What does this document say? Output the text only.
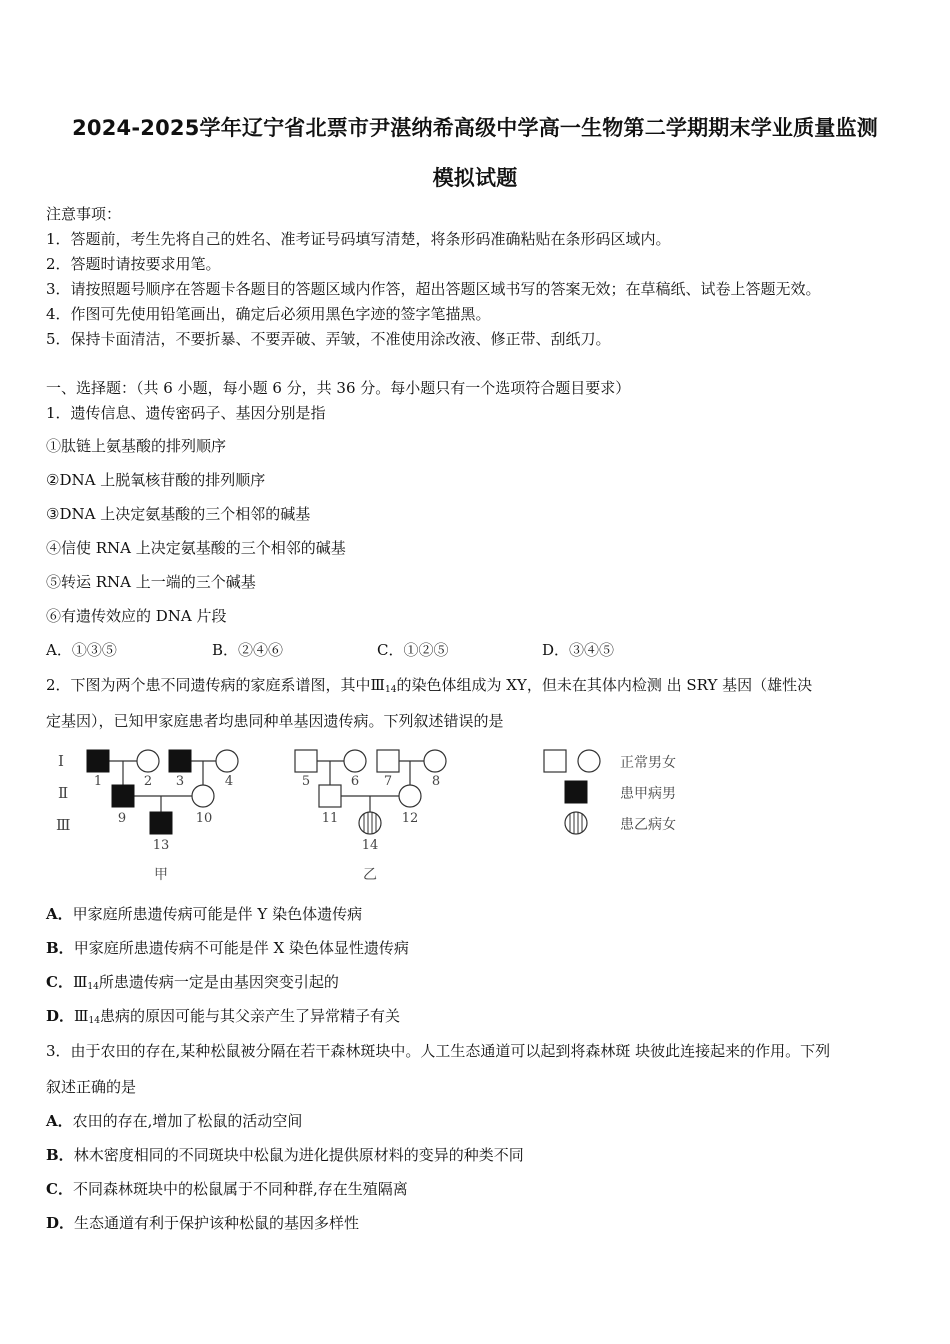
2024-2025学年辽宁省北票市尹湛纳希高级中学高一生物第二学期期末学业质量监测
模拟试题
注意事项：
1．答题前，考生先将自己的姓名、准考证号码填写清楚，将条形码准确粘贴在条形码区域内。
2．答题时请按要求用笔。
3．请按照题号顺序在答题卡各题目的答题区域内作答，超出答题区域书写的答案无效；在草稿纸、试卷上答题无效。
4．作图可先使用铅笔画出，确定后必须用黑色字迹的签字笔描黑。
5．保持卡面清洁，不要折暴、不要弄破、弄皱，不准使用涂改液、修正带、刮纸刀。
一、选择题：（共 6 小题，每小题 6 分，共 36 分。每小题只有一个选项符合题目要求）
1．遗传信息、遗传密码子、基因分别是指
①肽链上氨基酸的排列顺序
②DNA 上脱氧核苷酸的排列顺序
③DNA 上决定氨基酸的三个相邻的碱基
④信使 RNA 上决定氨基酸的三个相邻的碱基
⑤转运 RNA 上一端的三个碱基
⑥有遗传效应的 DNA 片段
A．①③⑤	B．②④⑥	C．①②⑤	D．③④⑤
2．下图为两个患不同遗传病的家庭系谱图，其中$Ⅲ_{14}$的染色体组成为 XY，但未在其体内检测 出 SRY 基因（雄性决
定基因），已知甲家庭患者均患同种单基因遗传病。下列叙述错误的是
Ⅰ
Ⅱ
Ⅲ
1	2 3	4	5	6 7	8
9	10	11	12
13	14
甲	乙
正常男女
患甲病男
患乙病女
A．甲家庭所患遗传病可能是伴 Y 染色体遗传病
B．甲家庭所患遗传病不可能是伴 X 染色体显性遗传病
C．$Ⅲ_{14}$所患遗传病一定是由基因突变引起的
D．$Ⅲ_{14}$患病的原因可能与其父亲产生了异常精子有关
3．由于农田的存在,某种松鼠被分隔在若干森林斑块中。人工生态通道可以起到将森林斑 块彼此连接起来的作用。下列
叙述正确的是
A．农田的存在,增加了松鼠的活动空间
B．林木密度相同的不同斑块中松鼠为进化提供原材料的变异的种类不同
C．不同森林斑块中的松鼠属于不同种群,存在生殖隔离
D．生态通道有利于保护该种松鼠的基因多样性
